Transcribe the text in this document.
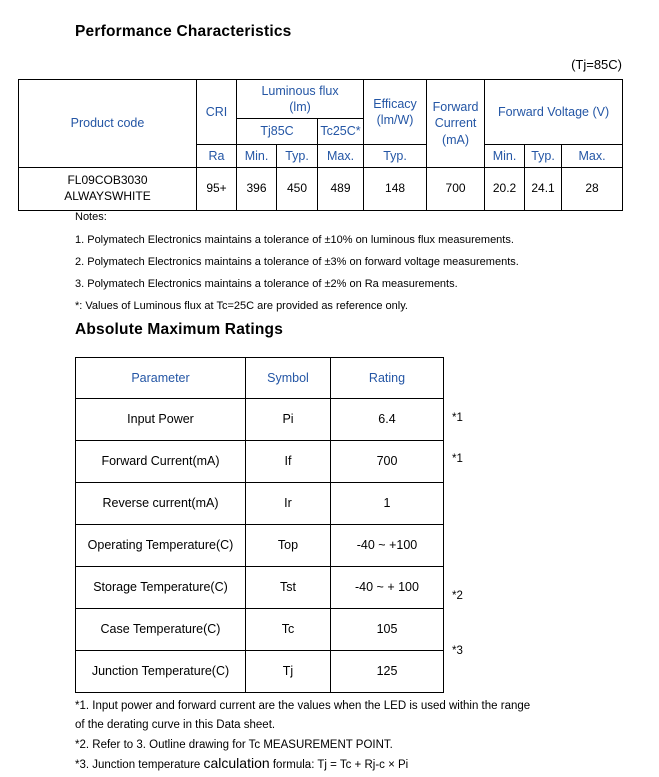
Performance Characteristics
(Tj=85C)
Product code	CRI	Luminous flux (lm)			Efficacy (lm/W)	Forward Current (mA)	Forward Voltage (V)		
		Tj85C		Tc25C*					
	Ra	Min.	Typ.	Max.	Typ.		Min.	Typ.	Max.
FL09COB3030 ALWAYSWHITE	95+	396	450	489	148	700	20.2	24.1	28
Notes:
1. Polymatech Electronics maintains a tolerance of ±10% on luminous flux measurements.
2. Polymatech Electronics maintains a tolerance of ±3% on forward voltage measurements.
3. Polymatech Electronics maintains a tolerance of ±2% on Ra measurements.
*: Values of Luminous flux at Tc=25C are provided as reference only.
Absolute Maximum Ratings
Parameter	Symbol	Rating
Input Power	Pi	6.4
Forward Current(mA)	If	700
Reverse current(mA)	Ir	1
Operating Temperature(C)	Top	-40 ~ +100
Storage Temperature(C)	Tst	-40 ~ + 100
Case Temperature(C)	Tc	105
Junction Temperature(C)	Tj	125
*1
*1
*2
*3
*1. Input power and forward current are the values when the LED is used within the range of the derating curve in this Data sheet.
*2. Refer to 3. Outline drawing for Tc MEASUREMENT POINT.
*3. Junction temperature calculation formula: Tj = Tc + Rj-c × Pi
